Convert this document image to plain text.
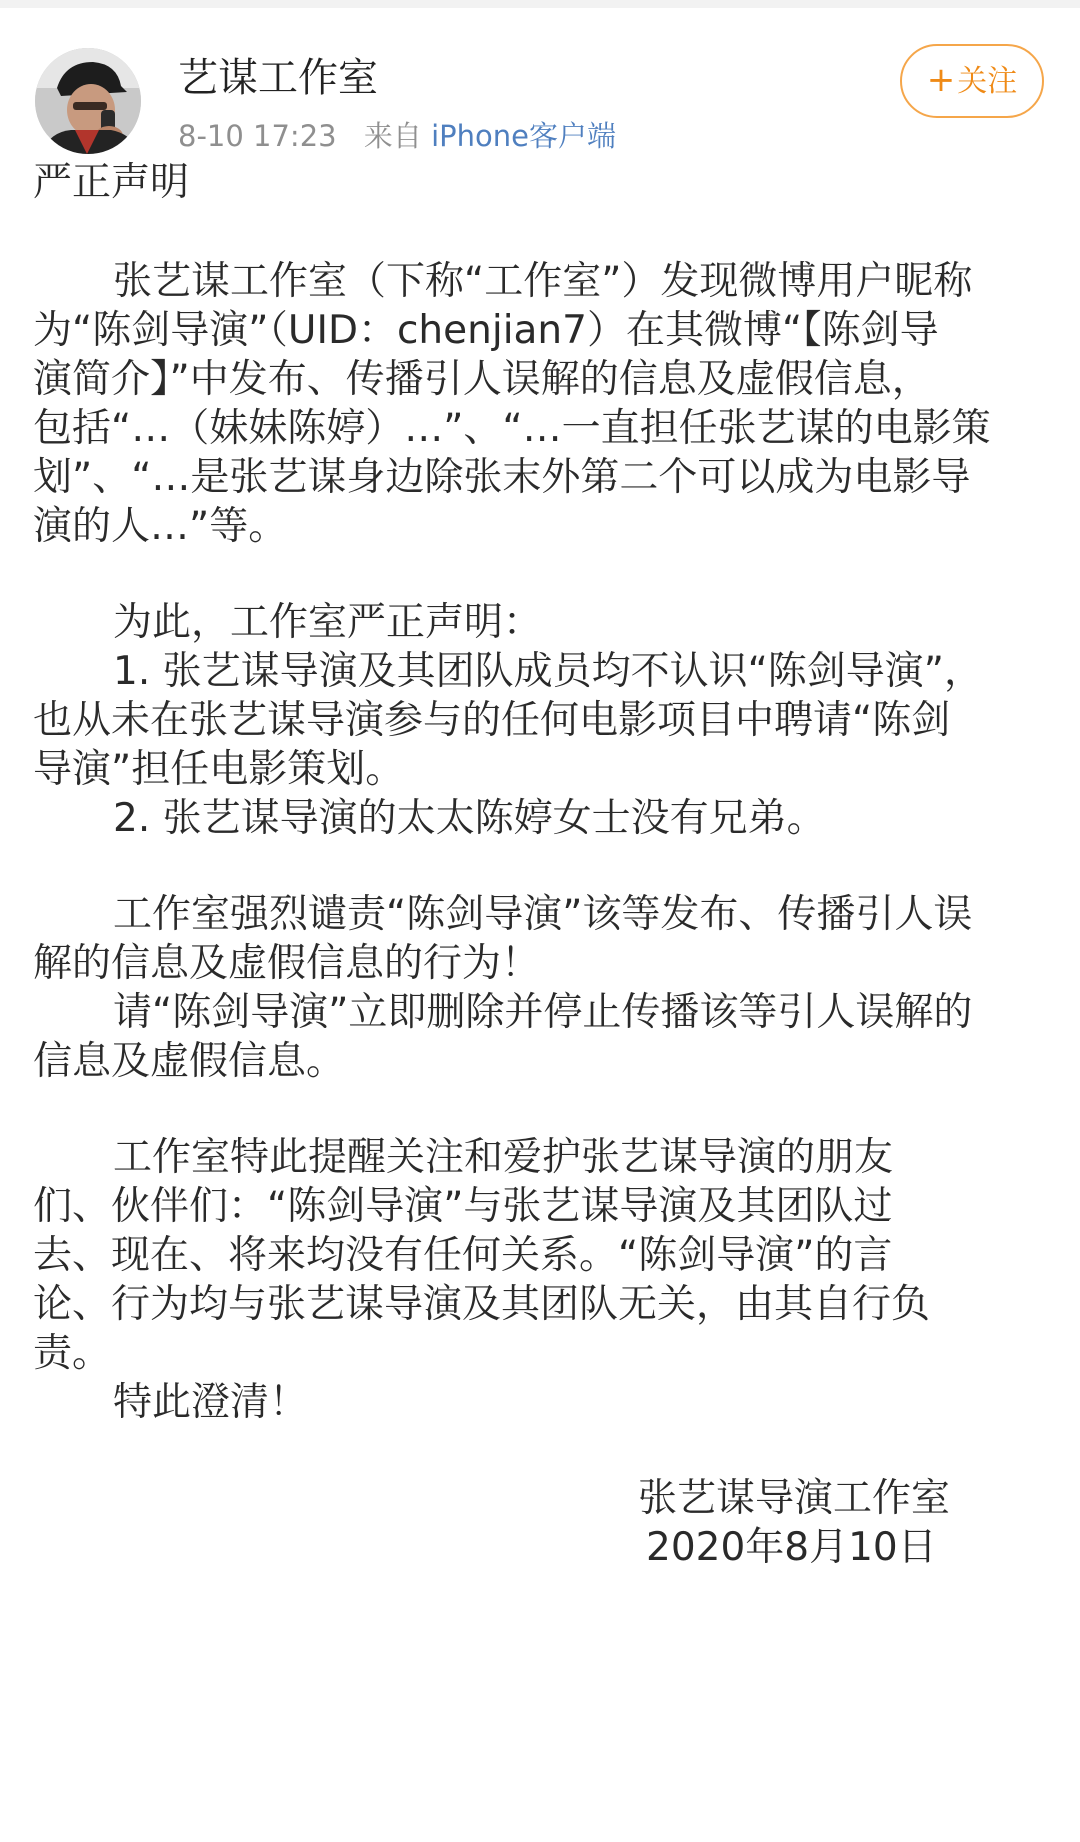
艺谋工作室
8-10 17:23 来自 iPhone客户端
+关注
严正声明
张艺谋工作室（下称“工作室”）发现微博用户昵称
为“陈剑导演”（UID：chenjian7）在其微博“【陈剑导
演简介】”中发布、传播引人误解的信息及虚假信息，
包括“…（妹妹陈婷）…”、“…一直担任张艺谋的电影策
划”、“…是张艺谋身边除张末外第二个可以成为电影导
演的人…”等。
为此，工作室严正声明：
1. 张艺谋导演及其团队成员均不认识“陈剑导演”，
也从未在张艺谋导演参与的任何电影项目中聘请“陈剑
导演”担任电影策划。
2. 张艺谋导演的太太陈婷女士没有兄弟。
工作室强烈谴责“陈剑导演”该等发布、传播引人误
解的信息及虚假信息的行为！
请“陈剑导演”立即删除并停止传播该等引人误解的
信息及虚假信息。
工作室特此提醒关注和爱护张艺谋导演的朋友
们、伙伴们：“陈剑导演”与张艺谋导演及其团队过
去、现在、将来均没有任何关系。“陈剑导演”的言
论、行为均与张艺谋导演及其团队无关，由其自行负
责。
特此澄清！
张艺谋导演工作室
2020年8月10日
